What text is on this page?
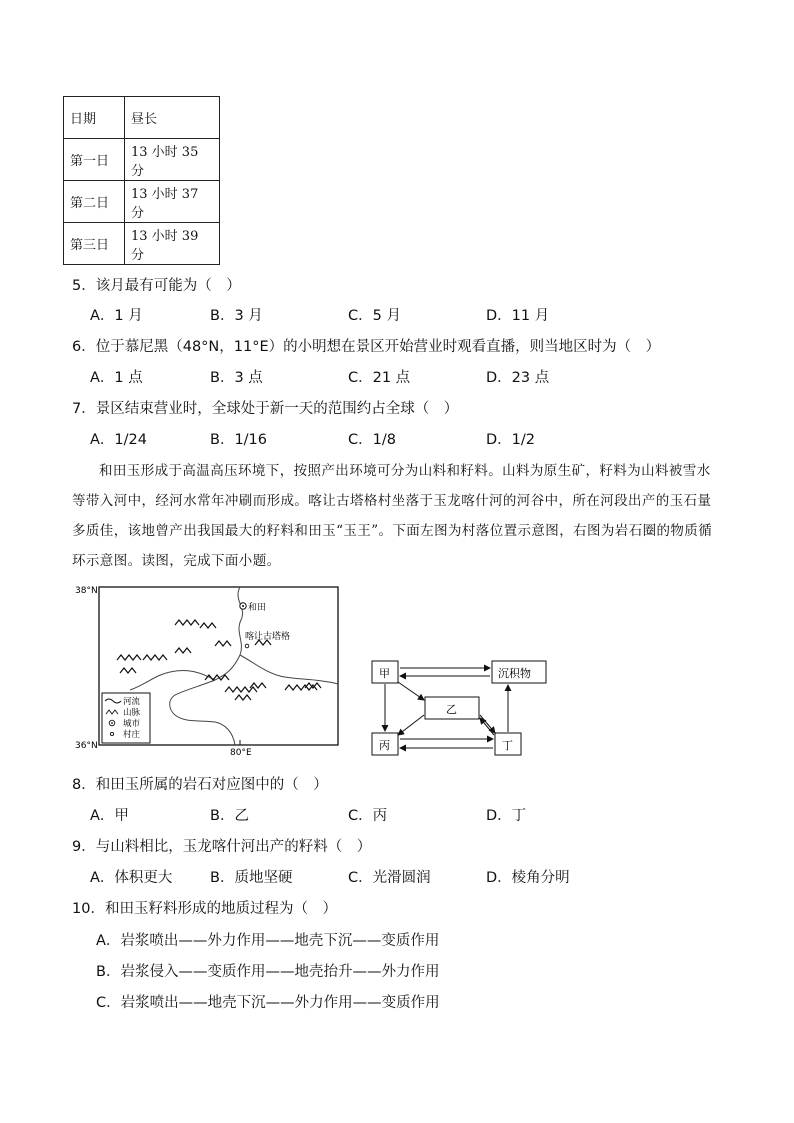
日期	昼长
第一日	13 小时 35 分
第二日	13 小时 37 分
第三日	13 小时 39 分
5．该月最有可能为（　）
A．1 月	B．3 月	C．5 月	D．11 月
6．位于慕尼黑（48°N，11°E）的小明想在景区开始营业时观看直播，则当地区时为（　）
A．1 点	B．3 点	C．21 点	D．23 点
7．景区结束营业时，全球处于新一天的范围约占全球（　）
A．1/24	B．1/16	C．1/8	D．1/2
和田玉形成于高温高压环境下，按照产出环境可分为山料和籽料。山料为原生矿，籽料为山料被雪水等带入河中，经河水常年冲刷而形成。喀让古塔格村坐落于玉龙喀什河的河谷中，所在河段出产的玉石量多质佳，该地曾产出我国最大的籽料和田玉“玉王”。下面左图为村落位置示意图，右图为岩石圈的物质循环示意图。读图，完成下面小题。
38°N
36°N
80°E
和田
喀让古塔格
河流
山脉
城市
村庄
甲	沉积物
乙
丙	丁
8．和田玉所属的岩石对应图中的（　）
A．甲	B．乙	C．丙	D．丁
9．与山料相比，玉龙喀什河出产的籽料（　）
A．体积更大	B．质地坚硬	C．光滑圆润	D．棱角分明
10．和田玉籽料形成的地质过程为（　）
A．岩浆喷出——外力作用——地壳下沉——变质作用
B．岩浆侵入——变质作用——地壳抬升——外力作用
C．岩浆喷出——地壳下沉——外力作用——变质作用
